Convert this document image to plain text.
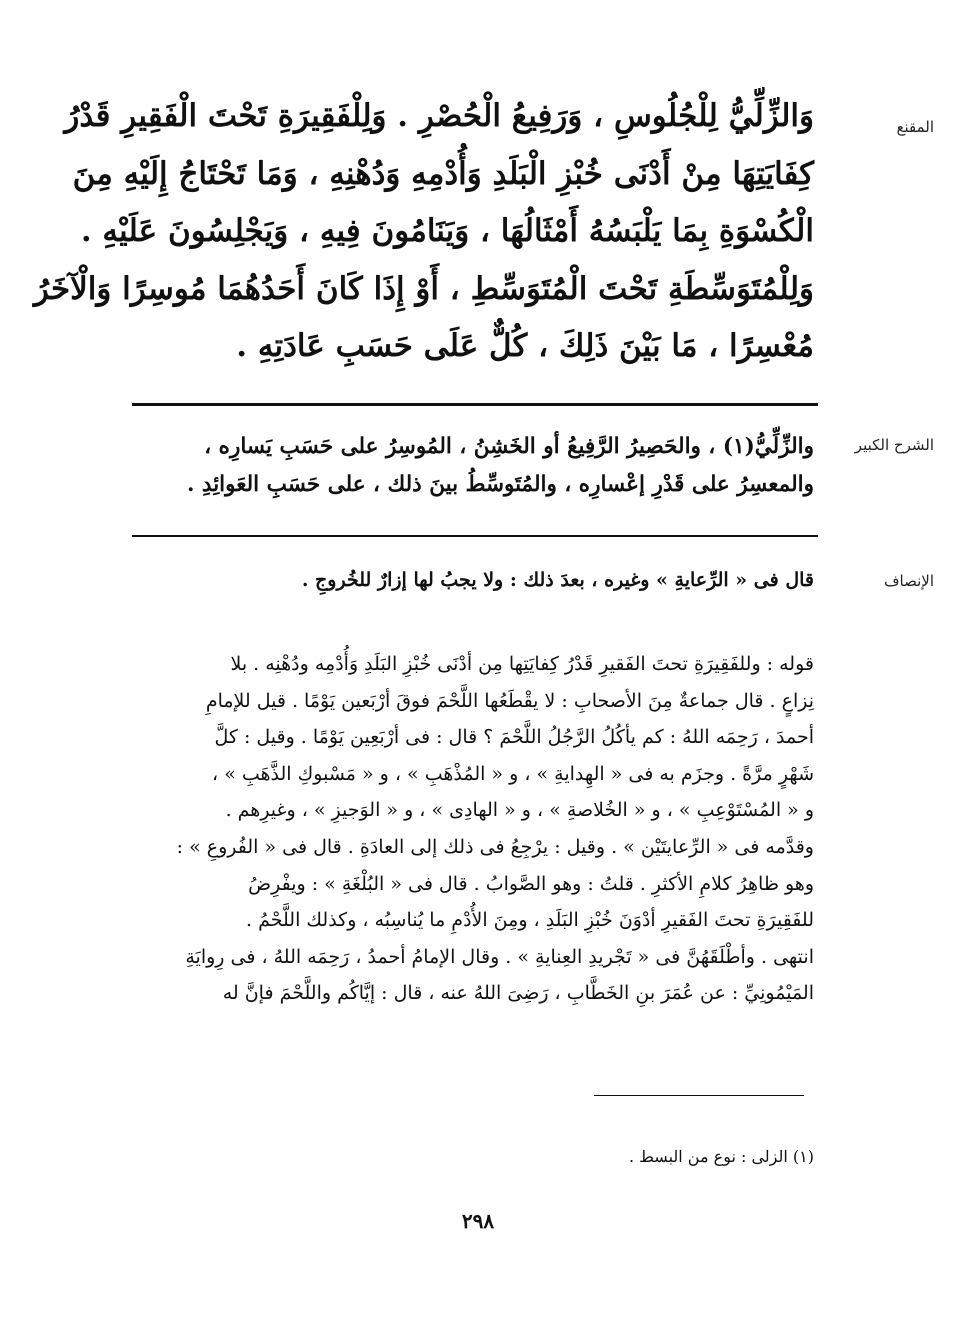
المقنع
وَالزِّلِّيُّ لِلْجُلُوسِ ، وَرَفِيعُ الْحُصْرِ . وَلِلْفَقِيرَةِ تَحْتَ الْفَقِيرِ قَدْرُ
كِفَايَتِهَا مِنْ أَدْنَى خُبْزِ الْبَلَدِ وَأُدْمِهِ وَدُهْنِهِ ، وَمَا تَحْتَاجُ إِلَيْهِ مِنَ
الْكُسْوَةِ بِمَا يَلْبَسُهُ أَمْثَالُهَا ، وَيَنَامُونَ فِيهِ ، وَيَجْلِسُونَ عَلَيْهِ .
وَلِلْمُتَوَسِّطَةِ تَحْتَ الْمُتَوَسِّطِ ، أَوْ إِذَا كَانَ أَحَدُهُمَا مُوسِرًا وَالْآخَرُ
مُعْسِرًا ، مَا بَيْنَ ذَلِكَ ، كُلٌّ عَلَى حَسَبِ عَادَتِهِ .
الشرح الكبير
والزِّلِّيُّ(١) ، والحَصِيرُ الرَّفِيعُ أو الخَشِنُ ، المُوسِرُ على حَسَبِ يَسارِه ،
والمعسِرُ على قَدْرِ إعْسارِه ، والمُتَوسِّطُ بينَ ذلك ، على حَسَبِ العَوائِدِ .
الإنصاف
قال فى « الرِّعايةِ » وغيره ، بعدَ ذلك : ولا يجبُ لها إزارٌ للخُروجِ .
قوله : وللفَقِيرَةِ تحتَ الفَقيرِ قَدْرُ كِفايَتِها مِن أدْنَى خُبْزِ البَلَدِ وَأُدْمِه ودُهْنِه . بلا
نِزاعٍ . قال جماعةٌ مِنَ الأصحابِ : لا يقْطَعُها اللَّحْمَ فوقَ أرْبَعين يَوْمًا . قيل للإمامِ
أحمدَ ، رَحِمَه اللهُ : كم يأكُلُ الرَّجُلُ اللَّحْمَ ؟ قال : فى أرْبَعِين يَوْمًا . وقيل : كلَّ
شَهْرٍ مرَّةً . وجزَم به فى « الهِدايةِ » ، و « المُذْهَبِ » ، و « مَسْبوكِ الذَّهَبِ » ،
و « المُسْتَوْعِبِ » ، و « الخُلاصةِ » ، و « الهادِى » ، و « الوَجيزِ » ، وغيرِهم .
وقدَّمه فى « الرِّعايتَيْن » . وقيل : يرْجِعُ فى ذلك إلى العادَةِ . قال فى « الفُروعِ » :
وهو ظاهِرُ كلامِ الأكثرِ . قلتُ : وهو الصَّوابُ . قال فى « البُلْغَةِ » : ويفْرِضُ
للفَقِيرَةِ تحتَ الفَقيرِ أدْوَنَ خُبْزِ البَلَدِ ، ومِنَ الأُدْمِ ما يُناسِبُه ، وكذلك اللَّحْمُ .
انتهى . وأطْلَقَهُنَّ فى « تَجْريدِ العِنايةِ » . وقال الإمامُ أحمدُ ، رَحِمَه اللهُ ، فى رِوايَةِ
المَيْمُونِيِّ : عن عُمَرَ بنِ الخَطَّابِ ، رَضِىَ اللهُ عنه ، قال : إيَّاكُم واللَّحْمَ فإنَّ له
(١) الزلى : نوع من البسط .
٢٩٨
